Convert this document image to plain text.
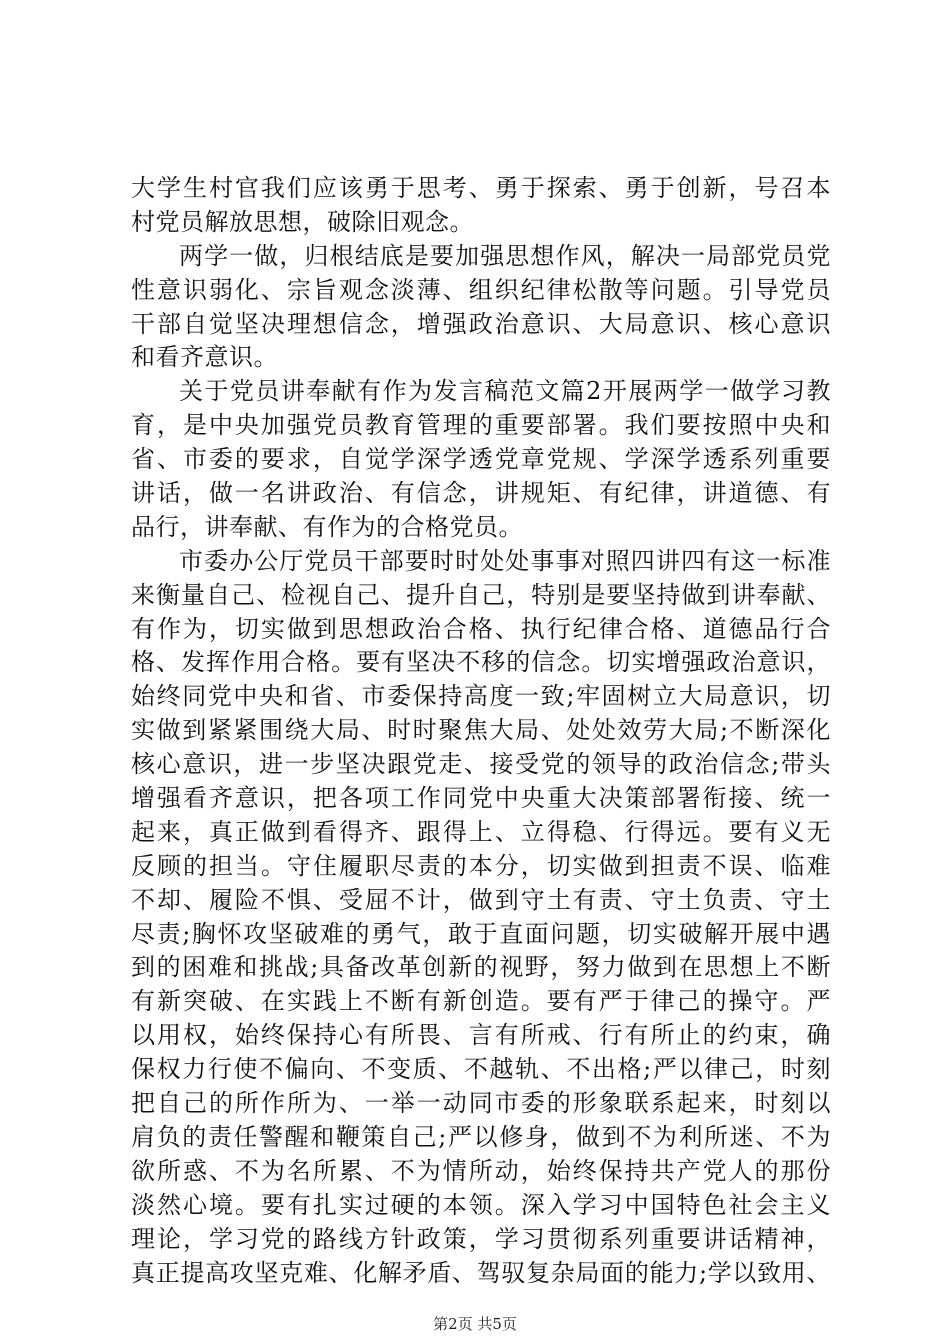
大学生村官我们应该勇于思考、勇于探索、勇于创新，号召本
村党员解放思想，破除旧观念。
两学一做，归根结底是要加强思想作风，解决一局部党员党
性意识弱化、宗旨观念淡薄、组织纪律松散等问题。引导党员
干部自觉坚决理想信念，增强政治意识、大局意识、核心意识
和看齐意识。
关于党员讲奉献有作为发言稿范文篇2开展两学一做学习教
育，是中央加强党员教育管理的重要部署。我们要按照中央和
省、市委的要求，自觉学深学透党章党规、学深学透系列重要
讲话，做一名讲政治、有信念，讲规矩、有纪律，讲道德、有
品行，讲奉献、有作为的合格党员。
市委办公厅党员干部要时时处处事事对照四讲四有这一标准
来衡量自己、检视自己、提升自己，特别是要坚持做到讲奉献、
有作为，切实做到思想政治合格、执行纪律合格、道德品行合
格、发挥作用合格。要有坚决不移的信念。切实增强政治意识，
始终同党中央和省、市委保持高度一致;牢固树立大局意识，切
实做到紧紧围绕大局、时时聚焦大局、处处效劳大局;不断深化
核心意识，进一步坚决跟党走、接受党的领导的政治信念;带头
增强看齐意识，把各项工作同党中央重大决策部署衔接、统一
起来，真正做到看得齐、跟得上、立得稳、行得远。要有义无
反顾的担当。守住履职尽责的本分，切实做到担责不误、临难
不却、履险不惧、受屈不计，做到守土有责、守土负责、守土
尽责;胸怀攻坚破难的勇气，敢于直面问题，切实破解开展中遇
到的困难和挑战;具备改革创新的视野，努力做到在思想上不断
有新突破、在实践上不断有新创造。要有严于律己的操守。严
以用权，始终保持心有所畏、言有所戒、行有所止的约束，确
保权力行使不偏向、不变质、不越轨、不出格;严以律己，时刻
把自己的所作所为、一举一动同市委的形象联系起来，时刻以
肩负的责任警醒和鞭策自己;严以修身，做到不为利所迷、不为
欲所惑、不为名所累、不为情所动，始终保持共产党人的那份
淡然心境。要有扎实过硬的本领。深入学习中国特色社会主义
理论，学习党的路线方针政策，学习贯彻系列重要讲话精神，
真正提高攻坚克难、化解矛盾、驾驭复杂局面的能力;学以致用、
第2页 共5页
